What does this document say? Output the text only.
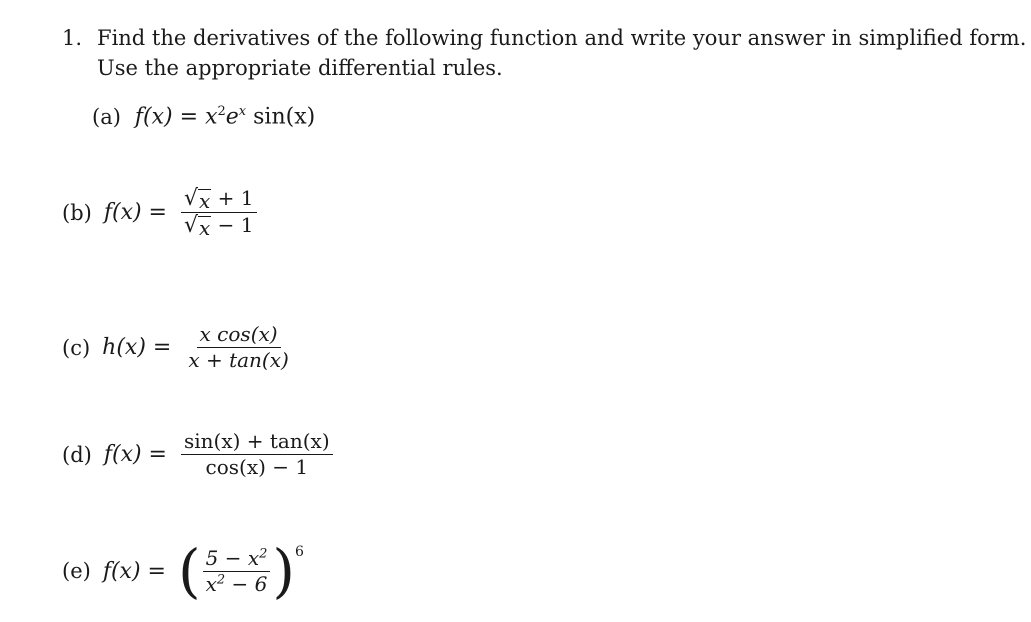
1. Find the derivatives of the following function and write your answer in simplified form.
Use the appropriate differential rules.
(a) $f(x) = x^2e^x$ sin(x)
(b) $f(x) = \frac{√ x + 1}{√ x - 1}$
(c) $h(x) = \frac{\text{x cos(x)}}{x + \tan(x)}$
(d) $f(x) = \frac{\sin(x) + \tan(x)}{\cos(x) - 1}$
(e) f(x) = ( $\frac{5 - x^2}{x^2 - 6}$ ) 6
